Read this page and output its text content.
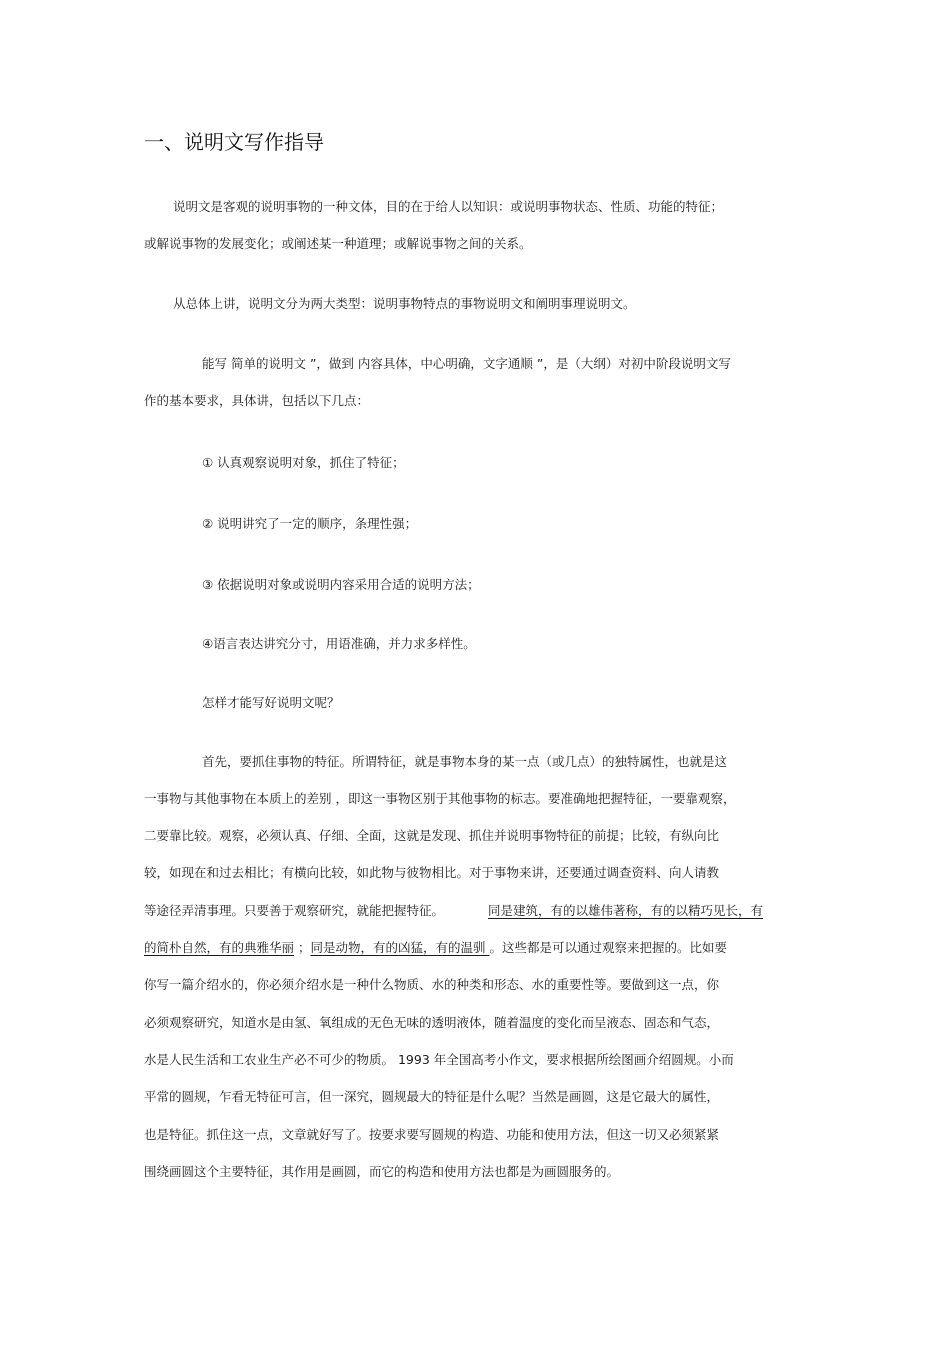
一、说明文写作指导
说明文是客观的说明事物的一种文体，目的在于给人以知识：或说明事物状态、性质、功能的特征；
或解说事物的发展变化；或阐述某一种道理；或解说事物之间的关系。
从总体上讲，说明文分为两大类型：说明事物特点的事物说明文和阐明事理说明文。
能写 简单的说明文 ”，做到 内容具体，中心明确，文字通顺 ”，是（大纲）对初中阶段说明文写
作的基本要求，具体讲，包括以下几点：
① 认真观察说明对象，抓住了特征；
② 说明讲究了一定的顺序，条理性强；
③ 依据说明对象或说明内容采用合适的说明方法；
④语言表达讲究分寸，用语准确，并力求多样性。
怎样才能写好说明文呢？
首先，要抓住事物的特征。所谓特征，就是事物本身的某一点（或几点）的独特属性，也就是这
一事物与其他事物在本质上的差别 ，即这一事物区别于其他事物的标志。要准确地把握特征，一要靠观察，
二要靠比较。观察，必须认真、仔细、全面，这就是发现、抓住并说明事物特征的前提；比较，有纵向比
较，如现在和过去相比；有横向比较，如此物与彼物相比。对于事物来讲，还要通过调查资料、向人请教
等途径弄清事理。只要善于观察研究，就能把握特征。	同是建筑，有的以雄伟著称，有的以精巧见长，有
的简朴自然，有的典雅华丽 ；同是动物，有的凶猛，有的温驯 。这些都是可以通过观察来把握的。比如要
你写一篇介绍水的，你必须介绍水是一种什么物质、水的种类和形态、水的重要性等。要做到这一点，你
必须观察研究，知道水是由氢、氧组成的无色无味的透明液体，随着温度的变化而呈液态、固态和气态，
水是人民生活和工农业生产必不可少的物质。 1993 年全国高考小作文，要求根据所绘图画介绍圆规。小而
平常的圆规，乍看无特征可言，但一深究，圆规最大的特征是什么呢？当然是画圆，这是它最大的属性，
也是特征。抓住这一点，文章就好写了。按要求要写圆规的构造、功能和使用方法，但这一切又必须紧紧
围绕画圆这个主要特征，其作用是画圆，而它的构造和使用方法也都是为画圆服务的。
